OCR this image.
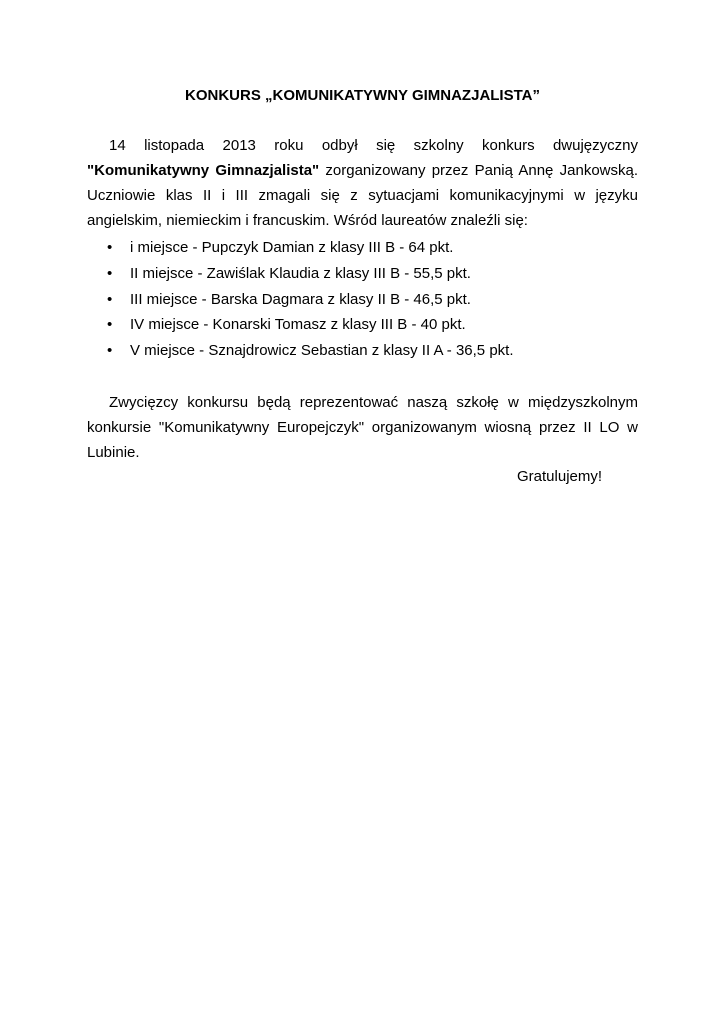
KONKURS „KOMUNIKATYWNY GIMNAZJALISTA”

14 listopada 2013 roku odbył się szkolny konkurs dwujęzyczny "Komunikatywny Gimnazjalista" zorganizowany przez Panią Annę Jankowską. Uczniowie klas II i III zmagali się z sytuacjami komunikacyjnymi w języku angielskim, niemieckim i francuskim. Wśród laureatów znaleźli się:

• i miejsce - Pupczyk Damian z klasy III B - 64 pkt.
• II miejsce - Zawiślak Klaudia z klasy III B - 55,5 pkt.
• III miejsce - Barska Dagmara z klasy II B - 46,5 pkt.
• IV miejsce - Konarski Tomasz z klasy III B - 40 pkt.
• V miejsce - Sznajdrowicz Sebastian z klasy II A - 36,5 pkt.

Zwycięzcy konkursu będą reprezentować naszą szkołę w międzyszkolnym konkursie "Komunikatywny Europejczyk" organizowanym wiosną przez II LO w Lubinie.

Gratulujemy!
